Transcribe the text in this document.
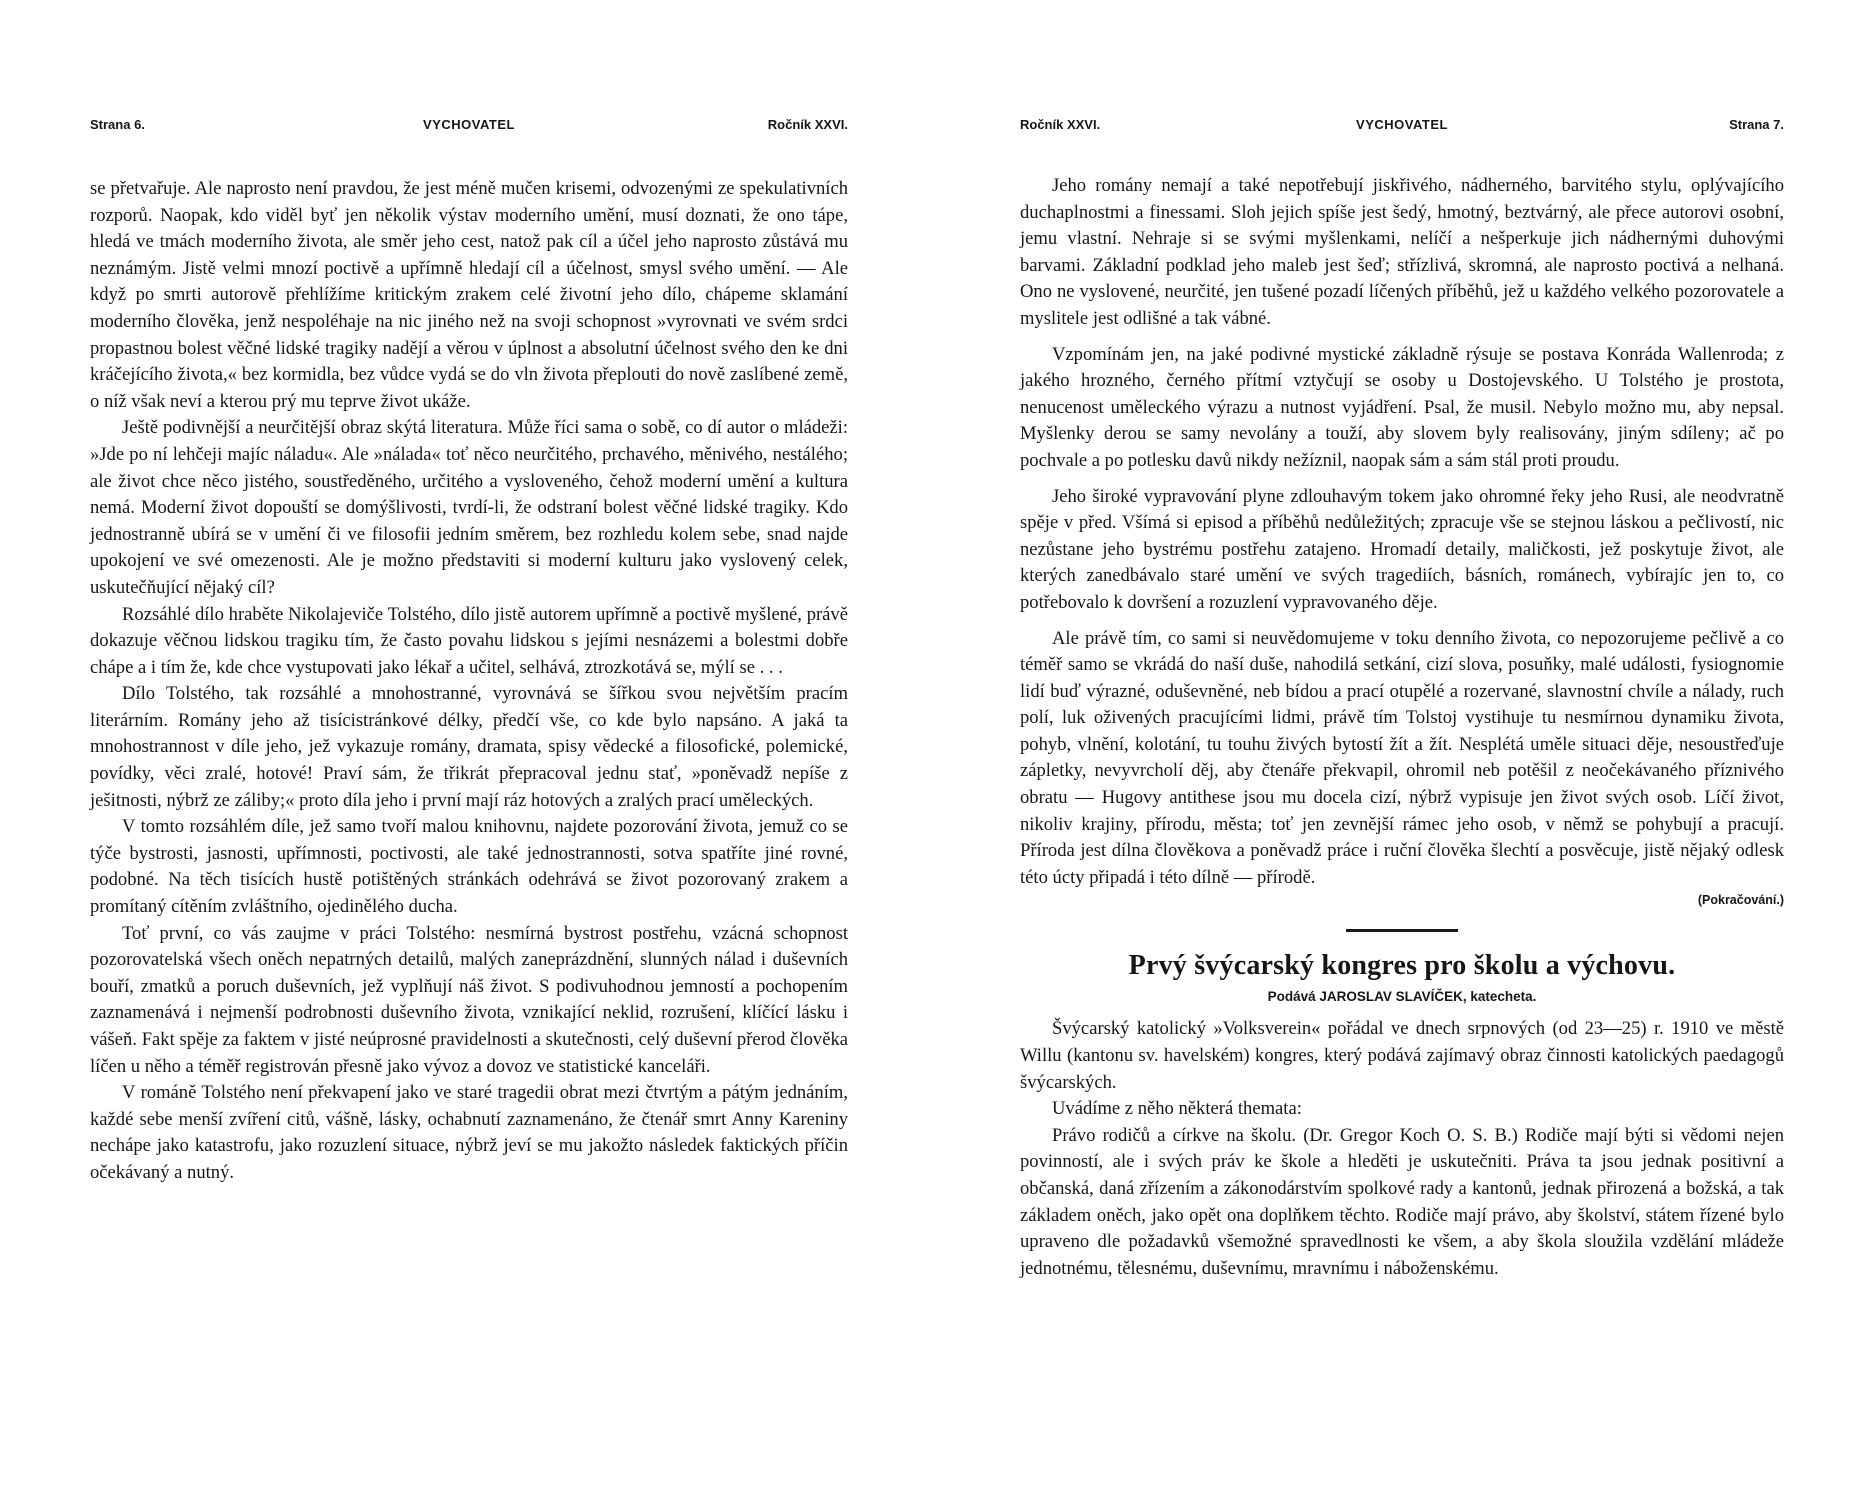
Strana 6.	VYCHOVATEL	Ročník XXVI.

se přetvařuje. Ale naprosto není pravdou, že jest méně mučen krisemi, odvozenými ze spekulativních rozporů. Naopak, kdo viděl byť jen několik výstav moderního umění, musí doznati, že ono tápe, hledá ve tmách moderního života, ale směr jeho cest, natož pak cíl a účel jeho naprosto zůstává mu neznámým. Jistě velmi mnozí poctivě a upřímně hledají cíl a účelnost, smysl svého umění. — Ale když po smrti autorově přehlížíme kritickým zrakem celé životní jeho dílo, chápeme sklamání moderního člověka, jenž nespoléhaje na nic jiného než na svoji schopnost »vyrovnati ve svém srdci propastnou bolest věčné lidské tragiky nadějí a věrou v úplnost a absolutní účelnost svého den ke dni kráčejícího života,« bez kormidla, bez vůdce vydá se do vln života přeplouti do nově zaslíbené země, o níž však neví a kterou prý mu teprve život ukáže.

Ještě podivnější a neurčitější obraz skýtá literatura. Může říci sama o sobě, co dí autor o mládeži: »Jde po ní lehčeji majíc náladu«. Ale »nálada« toť něco neurčitého, prchavého, měnivého, nestálého; ale život chce něco jistého, soustředěného, určitého a vysloveného, čehož moderní umění a kultura nemá. Moderní život dopouští se domýšlivosti, tvrdí-li, že odstraní bolest věčné lidské tragiky. Kdo jednostranně ubírá se v umění či ve filosofii jedním směrem, bez rozhledu kolem sebe, snad najde upokojení ve své omezenosti. Ale je možno představiti si moderní kulturu jako vyslovený celek, uskutečňující nějaký cíl?

Rozsáhlé dílo hraběte Nikolajeviče Tolstého, dílo jistě autorem upřímně a poctivě myšlené, právě dokazuje věčnou lidskou tragiku tím, že často povahu lidskou s jejími nesnázemi a bolestmi dobře chápe a i tím že, kde chce vystupovati jako lékař a učitel, selhává, ztrozkotává se, mýlí se . . .

Dílo Tolstého, tak rozsáhlé a mnohostranné, vyrovnává se šířkou svou největším pracím literárním. Romány jeho až tisícistránkové délky, předčí vše, co kde bylo napsáno. A jaká ta mnohostrannost v díle jeho, jež vykazuje romány, dramata, spisy vědecké a filosofické, polemické, povídky, věci zralé, hotové! Praví sám, že třikrát přepracoval jednu stať, »poněvadž nepíše z ješitnosti, nýbrž ze záliby;« proto díla jeho i první mají ráz hotových a zralých prací uměleckých.

V tomto rozsáhlém díle, jež samo tvoří malou knihovnu, najdete pozorování života, jemuž co se týče bystrosti, jasnosti, upřímnosti, poctivosti, ale také jednostrannosti, sotva spatříte jiné rovné, podobné. Na těch tisících hustě potištěných stránkách odehrává se život pozorovaný zrakem a promítaný cítěním zvláštního, ojedinělého ducha.

Toť první, co vás zaujme v práci Tolstého: nesmírná bystrost postřehu, vzácná schopnost pozorovatelská všech oněch nepatrných detailů, malých zaneprázdnění, slunných nálad i duševních bouří, zmatků a poruch duševních, jež vyplňují náš život. S podivuhodnou jemností a pochopením zaznamenává i nejmenší podrobnosti duševního života, vznikající neklid, rozrušení, klíčící lásku i vášeň. Fakt spěje za faktem v jisté neúprosné pravidelnosti a skutečnosti, celý duševní přerod člověka líčen u něho a téměř registrován přesně jako vývoz a dovoz ve statistické kanceláři.

V románě Tolstého není překvapení jako ve staré tragedii obrat mezi čtvrtým a pátým jednáním, každé sebe menší zvíření citů, vášně, lásky, ochabnutí zaznamenáno, že čtenář smrt Anny Kareniny nechápe jako katastrofu, jako rozuzlení situace, nýbrž jeví se mu jakožto následek faktických příčin očekávaný a nutný.

Ročník XXVI.	VYCHOVATEL	Strana 7.

Jeho romány nemají a také nepotřebují jiskřivého, nádherného, barvitého stylu, oplývajícího duchaplnostmi a finessami. Sloh jejich spíše jest šedý, hmotný, beztvárný, ale přece autorovi osobní, jemu vlastní. Nehraje si se svými myšlenkami, nelíčí a nešperkuje jich nádhernými duhovými barvami. Základní podklad jeho maleb jest šeď; střízlivá, skromná, ale naprosto poctivá a nelhaná. Ono ne vyslovené, neurčité, jen tušené pozadí líčených příběhů, jež u každého velkého pozorovatele a myslitele jest odlišné a tak vábné.

Vzpomínám jen, na jaké podivné mystické základně rýsuje se postava Konráda Wallenroda; z jakého hrozného, černého přítmí vztyčují se osoby u Dostojevského. U Tolstého je prostota, nenucenost uměleckého výrazu a nutnost vyjádření. Psal, že musil. Nebylo možno mu, aby nepsal. Myšlenky derou se samy nevolány a touží, aby slovem byly realisovány, jiným sdíleny; ač po pochvale a po potlesku davů nikdy nežíznil, naopak sám a sám stál proti proudu.

Jeho široké vypravování plyne zdlouhavým tokem jako ohromné řeky jeho Rusi, ale neodvratně spěje v před. Všímá si episod a příběhů nedůležitých; zpracuje vše se stejnou láskou a pečlivostí, nic nezůstane jeho bystrému postřehu zatajeno. Hromadí detaily, maličkosti, jež poskytuje život, ale kterých zanedbávalo staré umění ve svých tragediích, básních, románech, vybírajíc jen to, co potřebovalo k dovršení a rozuzlení vypravovaného děje.

Ale právě tím, co sami si neuvědomujeme v toku denního života, co nepozorujeme pečlivě a co téměř samo se vkrádá do naší duše, nahodilá setkání, cizí slova, posuňky, malé události, fysiognomie lidí buď výrazné, oduševněné, neb bídou a prací otupělé a rozervané, slavnostní chvíle a nálady, ruch polí, luk oživených pracujícími lidmi, právě tím Tolstoj vystihuje tu nesmírnou dynamiku života, pohyb, vlnění, kolotání, tu touhu živých bytostí žít a žít. Nesplétá uměle situaci děje, nesoustřeďuje zápletky, nevyvrcholí děj, aby čtenáře překvapil, ohromil neb potěšil z neočekávaného příznivého obratu — Hugovy antithese jsou mu docela cizí, nýbrž vypisuje jen život svých osob. Líčí život, nikoliv krajiny, přírodu, města; toť jen zevnější rámec jeho osob, v němž se pohybují a pracují. Příroda jest dílna člověkova a poněvadž práce i ruční člověka šlechtí a posvěcuje, jistě nějaký odlesk této úcty připadá i této dílně — přírodě.

(Pokračování.)

Prvý švýcarský kongres pro školu a výchovu.
Podává JAROSLAV SLAVÍČEK, katecheta.

Švýcarský katolický »Volksverein« pořádal ve dnech srpnových (od 23—25) r. 1910 ve městě Willu (kantonu sv. havelském) kongres, který podává zajímavý obraz činnosti katolických paedagogů švýcarských.

Uvádíme z něho některá themata:

Právo rodičů a církve na školu. (Dr. Gregor Koch O. S. B.) Rodiče mají býti si vědomi nejen povinností, ale i svých práv ke škole a hleděti je uskutečniti. Práva ta jsou jednak positivní a občanská, daná zřízením a zákonodárstvím spolkové rady a kantonů, jednak přirozená a božská, a tak základem oněch, jako opět ona doplňkem těchto. Rodiče mají právo, aby školství, státem řízené bylo upraveno dle požadavků všemožné spravedlnosti ke všem, a aby škola sloužila vzdělání mládeže jednotnému, tělesnému, duševnímu, mravnímu i náboženskému.
